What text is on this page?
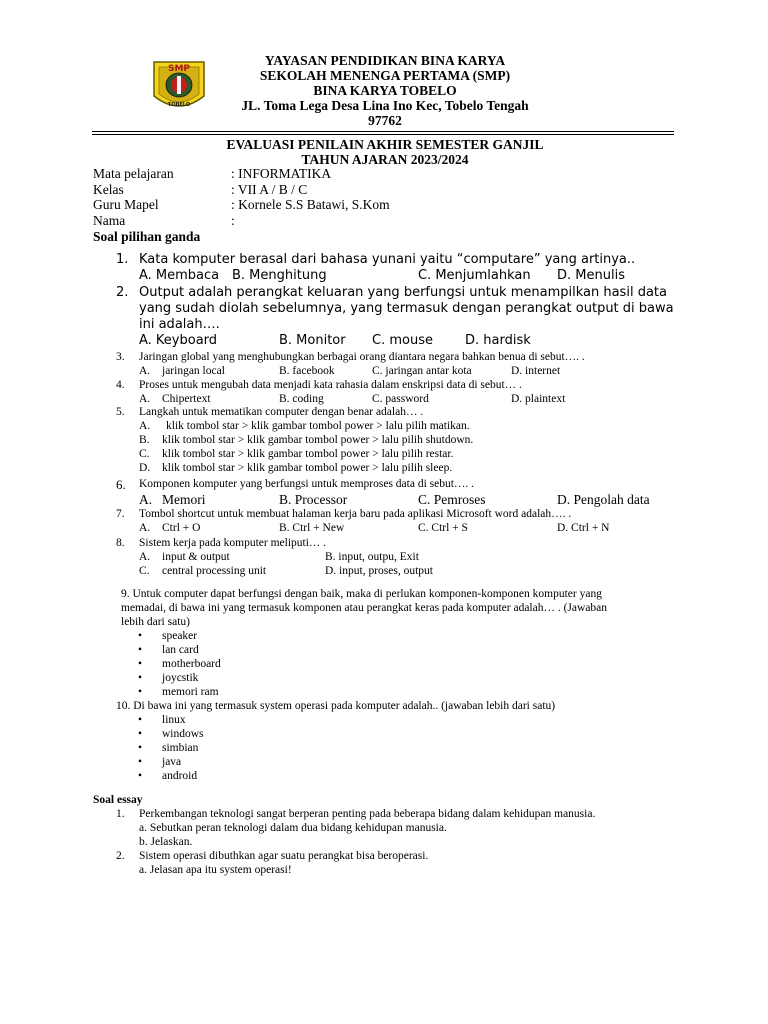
SMP
TOBELO
YAYASAN PENDIDIKAN BINA KARYA
SEKOLAH MENENGA PERTAMA (SMP)
BINA KARYA TOBELO
JL. Toma Lega Desa Lina Ino Kec, Tobelo Tengah
97762
EVALUASI PENILAIN AKHIR SEMESTER GANJIL
TAHUN AJARAN 2023/2024
Mata pelajaran	: INFORMATIKA
Kelas	: VII A / B / C
Guru Mapel	: Kornele S.S Batawi, S.Kom
Nama	:
Soal pilihan ganda
1. Kata komputer berasal dari bahasa yunani yaitu “computare” yang artinya..
A. Membaca B. Menghitung	C. Menjumlahkan D. Menulis
2. Output adalah perangkat keluaran yang berfungsi untuk menampilkan hasil data
yang sudah diolah sebelumnya, yang termasuk dengan perangkat output di bawa
ini adalah….
A. Keyboard	B. Monitor C. mouse D. hardisk
3. Jaringan global yang menghubungkan berbagai orang diantara negara bahkan benua di sebut…. .
A. jaringan local	B. facebook	C. jaringan antar kota	D. internet
4. Proses untuk mengubah data menjadi kata rahasia dalam enskripsi data di sebut… .
A. Chipertext	B. coding	C. password	D. plaintext
5. Langkah untuk mematikan computer dengan benar adalah… .
A. klik tombol star > klik gambar tombol power > lalu pilih matikan.
B. klik tombol star > klik gambar tombol power > lalu pilih shutdown.
C. klik tombol star > klik gambar tombol power > lalu pilih restar.
D. klik tombol star > klik gambar tombol power > lalu pilih sleep.
6. Komponen komputer yang berfungsi untuk memproses data di sebut…. .
A. Memori	B. Processor	C. Pemroses	D. Pengolah data
7. Tombol shortcut untuk membuat halaman kerja baru pada aplikasi Microsoft word adalah…. .
A. Ctrl + O	B. Ctrl + New	C. Ctrl + S	D. Ctrl + N
8. Sistem kerja pada komputer meliputi… .
A. input & output	B. input, outpu, Exit
C. central processing unit	D. input, proses, output
9. Untuk computer dapat berfungsi dengan baik, maka di perlukan komponen-komponen komputer yang
memadai, di bawa ini yang termasuk komponen atau perangkat keras pada komputer adalah… . (Jawaban
lebih dari satu)
• speaker
• lan card
• motherboard
• joycstik
• memori ram
10. Di bawa ini yang termasuk system operasi pada komputer adalah.. (jawaban lebih dari satu)
• linux
• windows
• simbian
• java
• android
Soal essay
1. Perkembangan teknologi sangat berperan penting pada beberapa bidang dalam kehidupan manusia.
a. Sebutkan peran teknologi dalam dua bidang kehidupan manusia.
b. Jelaskan.
2. Sistem operasi dibuthkan agar suatu perangkat bisa beroperasi.
a. Jelasan apa itu system operasi!
